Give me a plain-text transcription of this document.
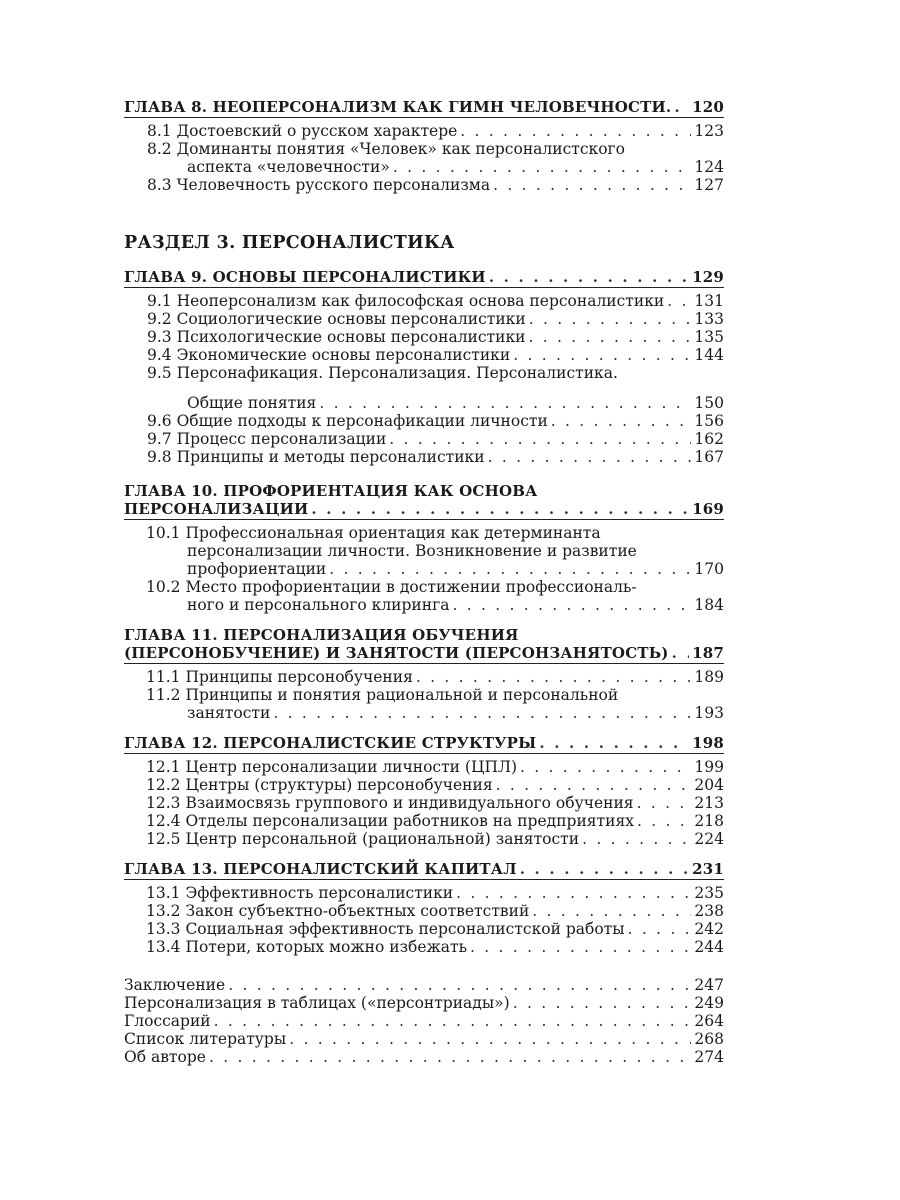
ГЛАВА 8. НЕОПЕРСОНАЛИЗМ КАК ГИМН ЧЕЛОВЕЧНОСТИ. . . . 120
8.1 Достоевский о русском характере . . .	123
8.2 Доминанты понятия «Человек» как персоналистского
аспекта «человечности» . . .	124
8.3 Человечность русского персонализма . . .	127
РАЗДЕЛ 3. ПЕРСОНАЛИСТИКА
ГЛАВА 9. ОСНОВЫ ПЕРСОНАЛИСТИКИ . . .	129
9.1 Неоперсонализм как философская основа персоналистики . . . 131
9.2 Социологические основы персоналистики . . .	133
9.3 Психологические основы персоналистики . . .	135
9.4 Экономические основы персоналистики . . .	144
9.5 Персонафикация. Персонализация. Персоналистика.
Общие понятия . . .	150
9.6 Общие подходы к персонафикации личности . . .	156
9.7 Процесс персонализации . . .	162
9.8 Принципы и методы персоналистики . . .	167
ГЛАВА 10. ПРОФОРИЕНТАЦИЯ КАК ОСНОВА
ПЕРСОНАЛИЗАЦИИ . . .	169
10.1 Профессиональная ориентация как детерминанта
персонализации личности. Возникновение и развитие
профориентации . . .	170
10.2 Место профориентации в достижении профессиональ-
ного и персонального клиринга . . .	184
ГЛАВА 11. ПЕРСОНАЛИЗАЦИЯ ОБУЧЕНИЯ
(ПЕРСОНОБУЧЕНИЕ) И ЗАНЯТОСТИ (ПЕРСОНЗАНЯТОСТЬ) . . . 187
11.1 Принципы персонобучения . . .	189
11.2 Принципы и понятия рациональной и персональной
занятости . . .	193
ГЛАВА 12. ПЕРСОНАЛИСТСКИЕ СТРУКТУРЫ . . .	198
12.1 Центр персонализации личности (ЦПЛ) . . .	199
12.2 Центры (структуры) персонобучения . . .	204
12.3 Взаимосвязь группового и индивидуального обучения . . .	213
12.4 Отделы персонализации работников на предприятиях . . .	218
12.5 Центр персональной (рациональной) занятости . . .	224
ГЛАВА 13. ПЕРСОНАЛИСТСКИЙ КАПИТАЛ . . .	231
13.1 Эффективность персоналистики . . .	235
13.2 Закон субъектно-объектных соответствий . . .	238
13.3 Социальная эффективность персоналистской работы . . .	242
13.4 Потери, которых можно избежать . . .	244
Заключение . . .	247
Персонализация в таблицах («персонтриады») . . .	249
Глоссарий . . .	264
Список литературы . . .	268
Об авторе . . .	274
